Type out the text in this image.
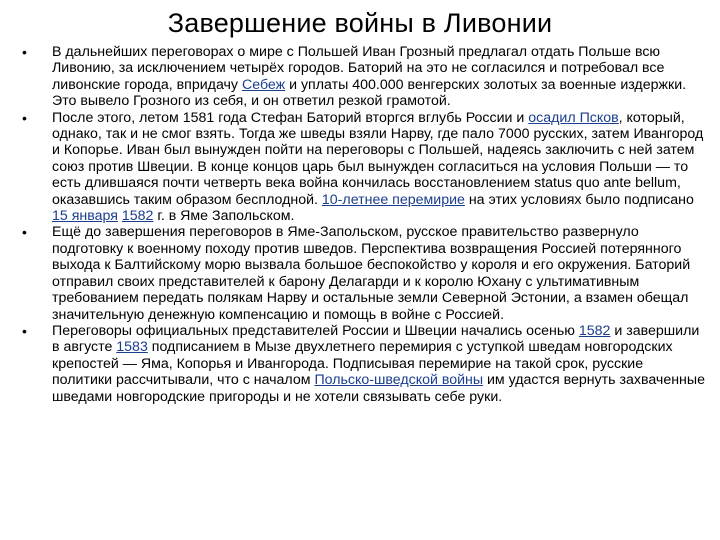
Завершение войны в Ливонии
•	В дальнейших переговорах о мире с Польшей Иван Грозный предлагал отдать Польше всю Ливонию, за исключением четырёх городов. Баторий на это не согласился и потребовал все ливонские города, впридачу Себеж и уплаты 400.000 венгерских золотых за военные издержки. Это вывело Грозного из себя, и он ответил резкой грамотой.
•	После этого, летом 1581 года Стефан Баторий вторгся вглубь России и осадил Псков, который, однако, так и не смог взять. Тогда же шведы взяли Нарву, где пало 7000 русских, затем Ивангород и Копорье. Иван был вынужден пойти на переговоры с Польшей, надеясь заключить с ней затем союз против Швеции. В конце концов царь был вынужден согласиться на условия Польши — то есть длившаяся почти четверть века война кончилась восстановлением status quo ante bellum, оказавшись таким образом бесплодной. 10-летнее перемирие на этих условиях было подписано 15 января 1582 г. в Яме Запольском.
•	Ещё до завершения переговоров в Яме-Запольском, русское правительство развернуло подготовку к военному походу против шведов. Перспектива возвращения Россией потерянного выхода к Балтийскому морю вызвала большое беспокойство у короля и его окружения. Баторий отправил своих представителей к барону Делагарди и к королю Юхану с ультимативным требованием передать полякам Нарву и остальные земли Северной Эстонии, а взамен обещал значительную денежную компенсацию и помощь в войне с Россией.
•	Переговоры официальных представителей России и Швеции начались осенью 1582 и завершили в августе 1583 подписанием в Мызе двухлетнего перемирия с уступкой шведам новгородских крепостей — Яма, Копорья и Ивангорода. Подписывая перемирие на такой срок, русские политики рассчитывали, что с началом Польско-шведской войны им удастся вернуть захваченные шведами новгородские пригороды и не хотели связывать себе руки.
